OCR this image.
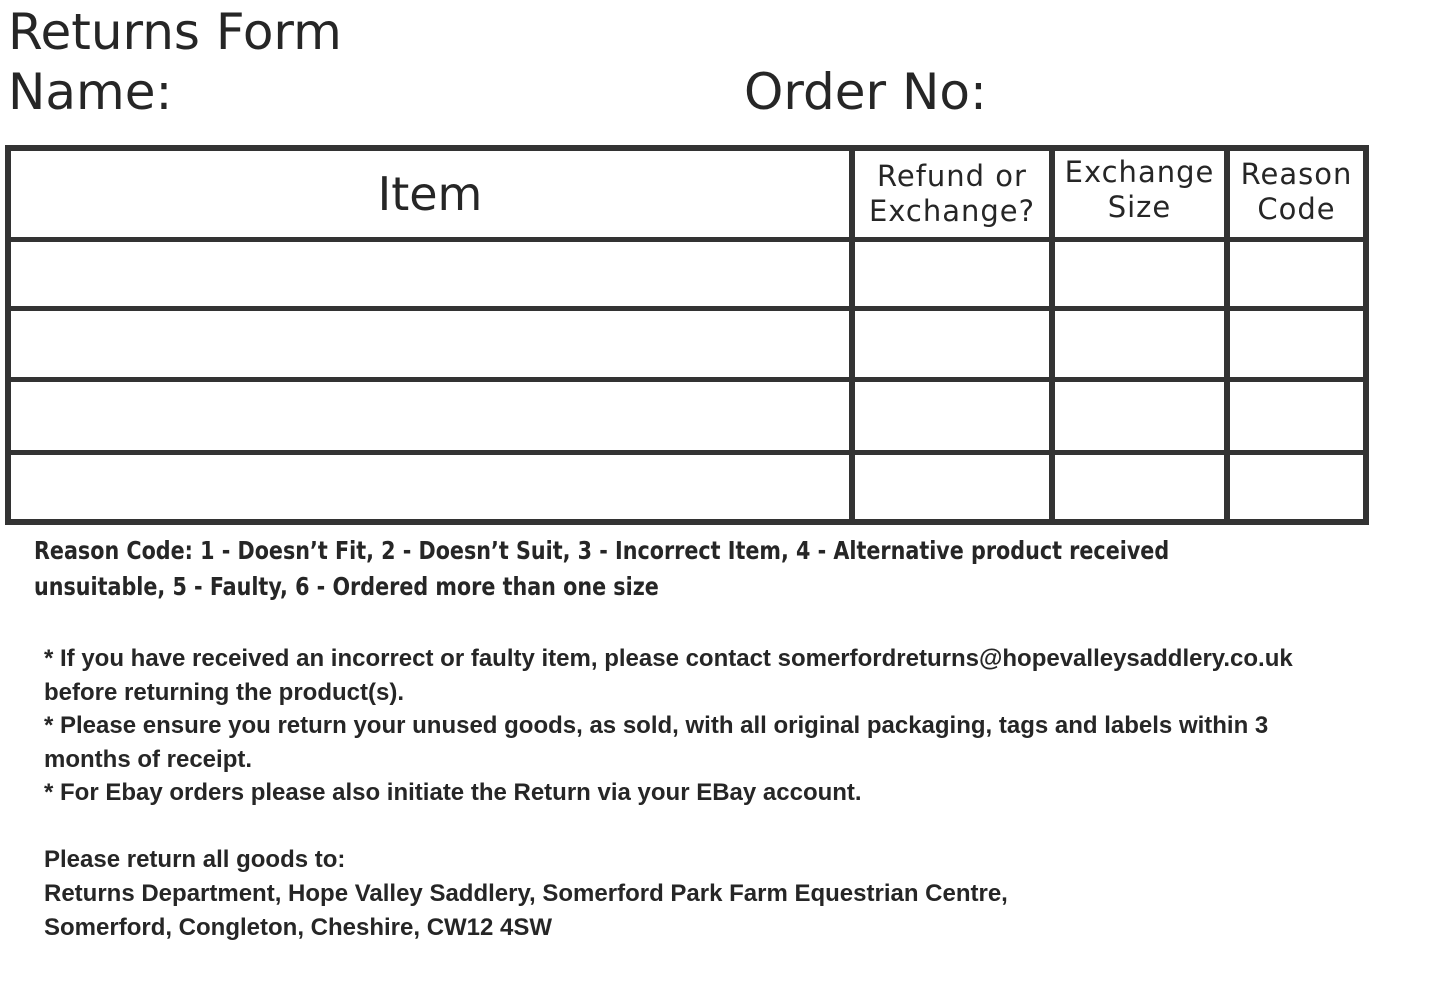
Returns Form
Name:	Order No:
Item	Refund or
Exchange?
Exchange
Size
Reason
Code
Reason Code: 1 - Doesn’t Fit, 2 - Doesn’t Suit, 3 - Incorrect Item, 4 - Alternative product received
unsuitable, 5 - Faulty, 6 - Ordered more than one size
* If you have received an incorrect or faulty item, please contact somerfordreturns@hopevalleysaddlery.co.uk
before returning the product(s).
* Please ensure you return your unused goods, as sold, with all original packaging, tags and labels within 3
months of receipt.
* For Ebay orders please also initiate the Return via your EBay account.
Please return all goods to:
Returns Department, Hope Valley Saddlery, Somerford Park Farm Equestrian Centre,
Somerford, Congleton, Cheshire, CW12 4SW
